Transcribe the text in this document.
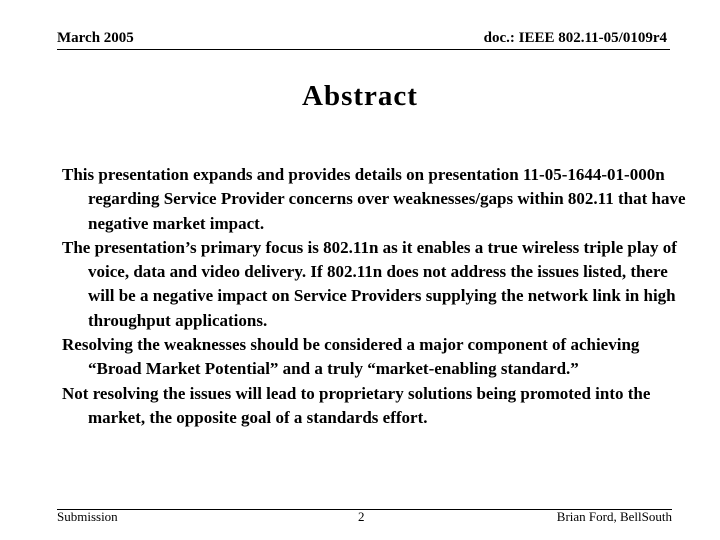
March 2005	doc.: IEEE 802.11-05/0109r4
Abstract

This presentation expands and provides details on presentation 11-05-1644-01-000n regarding Service Provider concerns over weaknesses/gaps within 802.11 that have negative market impact.

The presentation’s primary focus is 802.11n as it enables a true wireless triple play of voice, data and video delivery. If 802.11n does not address the issues listed, there will be a negative impact on Service Providers supplying the network link in high throughput applications.

Resolving the weaknesses should be considered a major component of achieving “Broad Market Potential” and a truly “market-enabling standard.”

Not resolving the issues will lead to proprietary solutions being promoted into the market, the opposite goal of a standards effort.

Submission	2	Brian Ford, BellSouth
